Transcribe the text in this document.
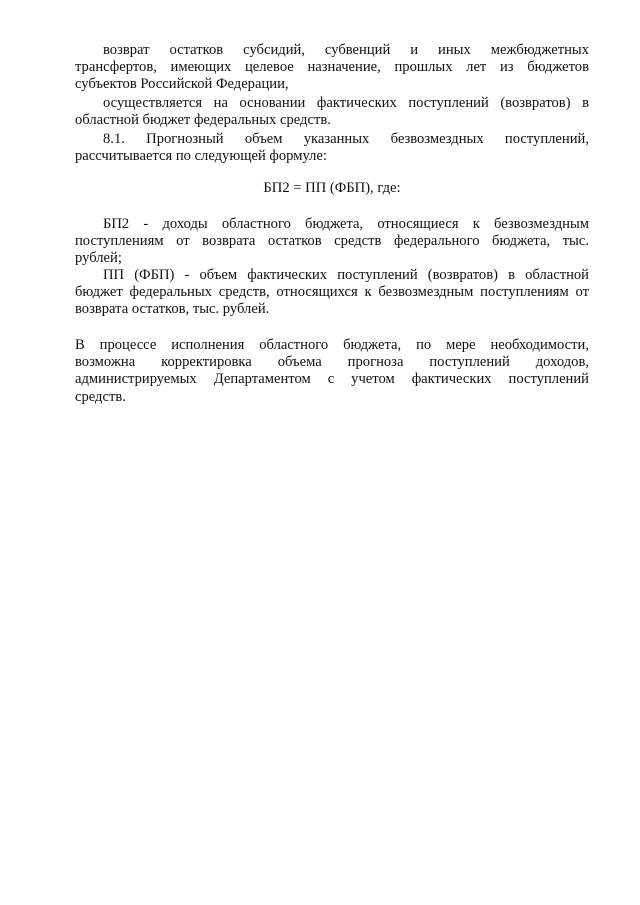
возврат остатков субсидий, субвенций и иных межбюджетных
трансфертов, имеющих целевое назначение, прошлых лет из бюджетов
субъектов Российской Федерации,
осуществляется на основании фактических поступлений (возвратов) в
областной бюджет федеральных средств.
8.1. Прогнозный объем указанных безвозмездных поступлений,
рассчитывается по следующей формуле:
БП2 = ПП (ФБП), где:
БП2 - доходы областного бюджета, относящиеся к безвозмездным
поступлениям от возврата остатков средств федерального бюджета, тыс.
рублей;
ПП (ФБП) - объем фактических поступлений (возвратов) в областной
бюджет федеральных средств, относящихся к безвозмездным поступлениям от
возврата остатков, тыс. рублей.
В процессе исполнения областного бюджета, по мере необходимости,
возможна корректировка объема прогноза поступлений доходов,
администрируемых Департаментом с учетом фактических поступлений
средств.
